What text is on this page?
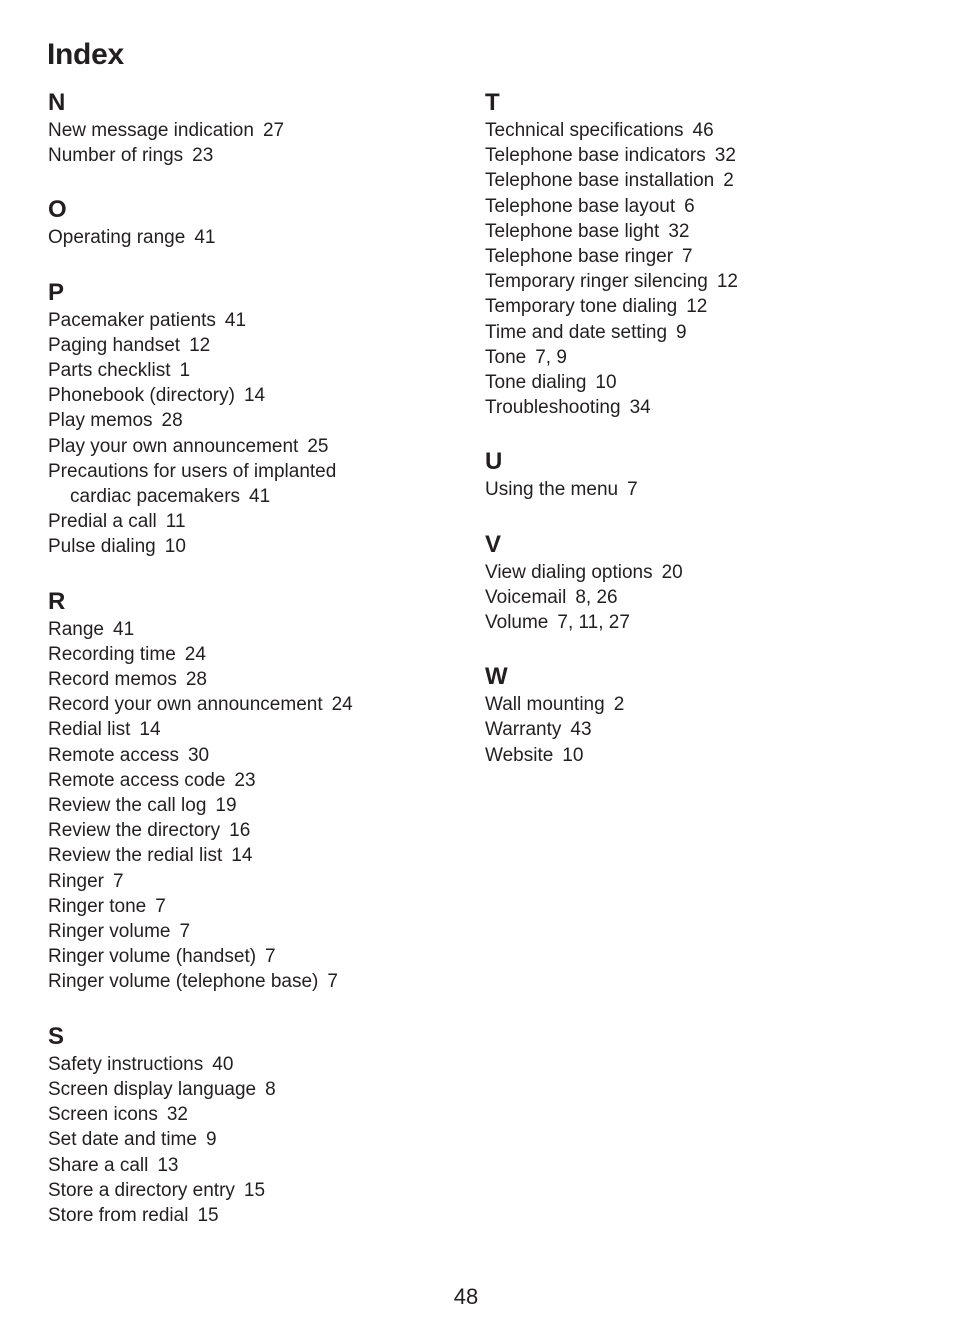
Index
N
New message indication 27
Number of rings 23
O
Operating range 41
P
Pacemaker patients 41
Paging handset 12
Parts checklist 1
Phonebook (directory) 14
Play memos 28
Play your own announcement 25
Precautions for users of implanted
cardiac pacemakers 41
Predial a call 11
Pulse dialing 10
R
Range 41
Recording time 24
Record memos 28
Record your own announcement 24
Redial list 14
Remote access 30
Remote access code 23
Review the call log 19
Review the directory 16
Review the redial list 14
Ringer 7
Ringer tone 7
Ringer volume 7
Ringer volume (handset) 7
Ringer volume (telephone base) 7
S
Safety instructions 40
Screen display language 8
Screen icons 32
Set date and time 9
Share a call 13
Store a directory entry 15
Store from redial 15
T
Technical specifications 46
Telephone base indicators 32
Telephone base installation 2
Telephone base layout 6
Telephone base light 32
Telephone base ringer 7
Temporary ringer silencing 12
Temporary tone dialing 12
Time and date setting 9
Tone 7, 9
Tone dialing 10
Troubleshooting 34
U
Using the menu 7
V
View dialing options 20
Voicemail 8, 26
Volume 7, 11, 27
W
Wall mounting 2
Warranty 43
Website 10
48
